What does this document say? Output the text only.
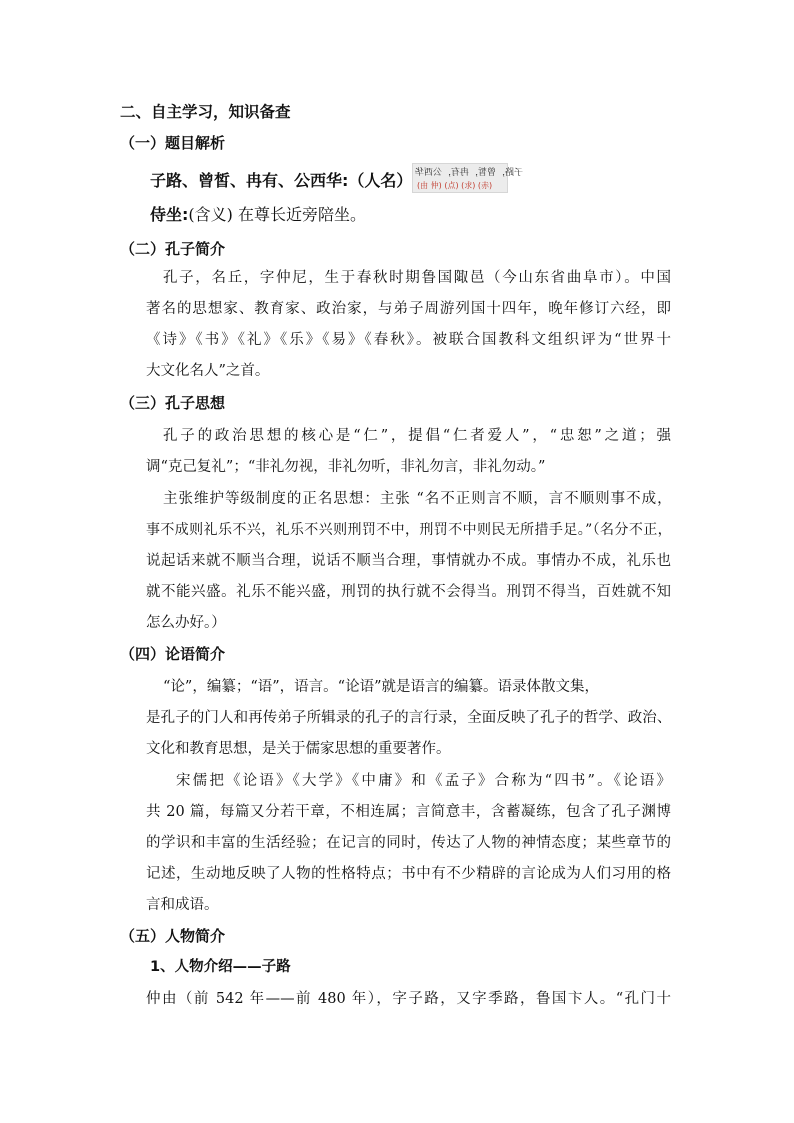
二、自主学习，知识备查
（一）题目解析
子路、曾皙、冉有、公西华:（人名） 子路，曾皙，冉有，公西华
(由 仲) (点) (求) (赤)
侍坐:(含义) 在尊长近旁陪坐。
（二）孔子简介
孔子，名丘，字仲尼，生于春秋时期鲁国陬邑（今山东省曲阜市）。中国
著名的思想家、教育家、政治家，与弟子周游列国十四年，晚年修订六经，即
《诗》《书》《礼》《乐》《易》《春秋》。被联合国教科文组织评为“世界十
大文化名人”之首。
（三）孔子思想
孔子的政治思想的核心是“仁”，提倡“仁者爱人”，“忠恕”之道；强
调“克己复礼”；“非礼勿视，非礼勿听，非礼勿言，非礼勿动。”
主张维护等级制度的正名思想：主张 “名不正则言不顺，言不顺则事不成，
事不成则礼乐不兴，礼乐不兴则刑罚不中，刑罚不中则民无所措手足。”（名分不正，
说起话来就不顺当合理，说话不顺当合理，事情就办不成。事情办不成，礼乐也
就不能兴盛。礼乐不能兴盛，刑罚的执行就不会得当。刑罚不得当，百姓就不知
怎么办好。）
（四）论语简介
“论”，编纂；“语”，语言。“论语”就是语言的编纂。语录体散文集，
是孔子的门人和再传弟子所辑录的孔子的言行录，全面反映了孔子的哲学、政治、
文化和教育思想，是关于儒家思想的重要著作。
宋儒把《论语》《大学》《中庸》和《孟子》合称为“四书”。《论语》
共 20 篇，每篇又分若干章，不相连属；言简意丰，含蓄凝练，包含了孔子渊博
的学识和丰富的生活经验；在记言的同时，传达了人物的神情态度；某些章节的
记述，生动地反映了人物的性格特点；书中有不少精辟的言论成为人们习用的格
言和成语。
（五）人物简介
1、人物介绍——子路
仲由（前 542 年——前 480 年），字子路，又字季路，鲁国卞人。“孔门十
